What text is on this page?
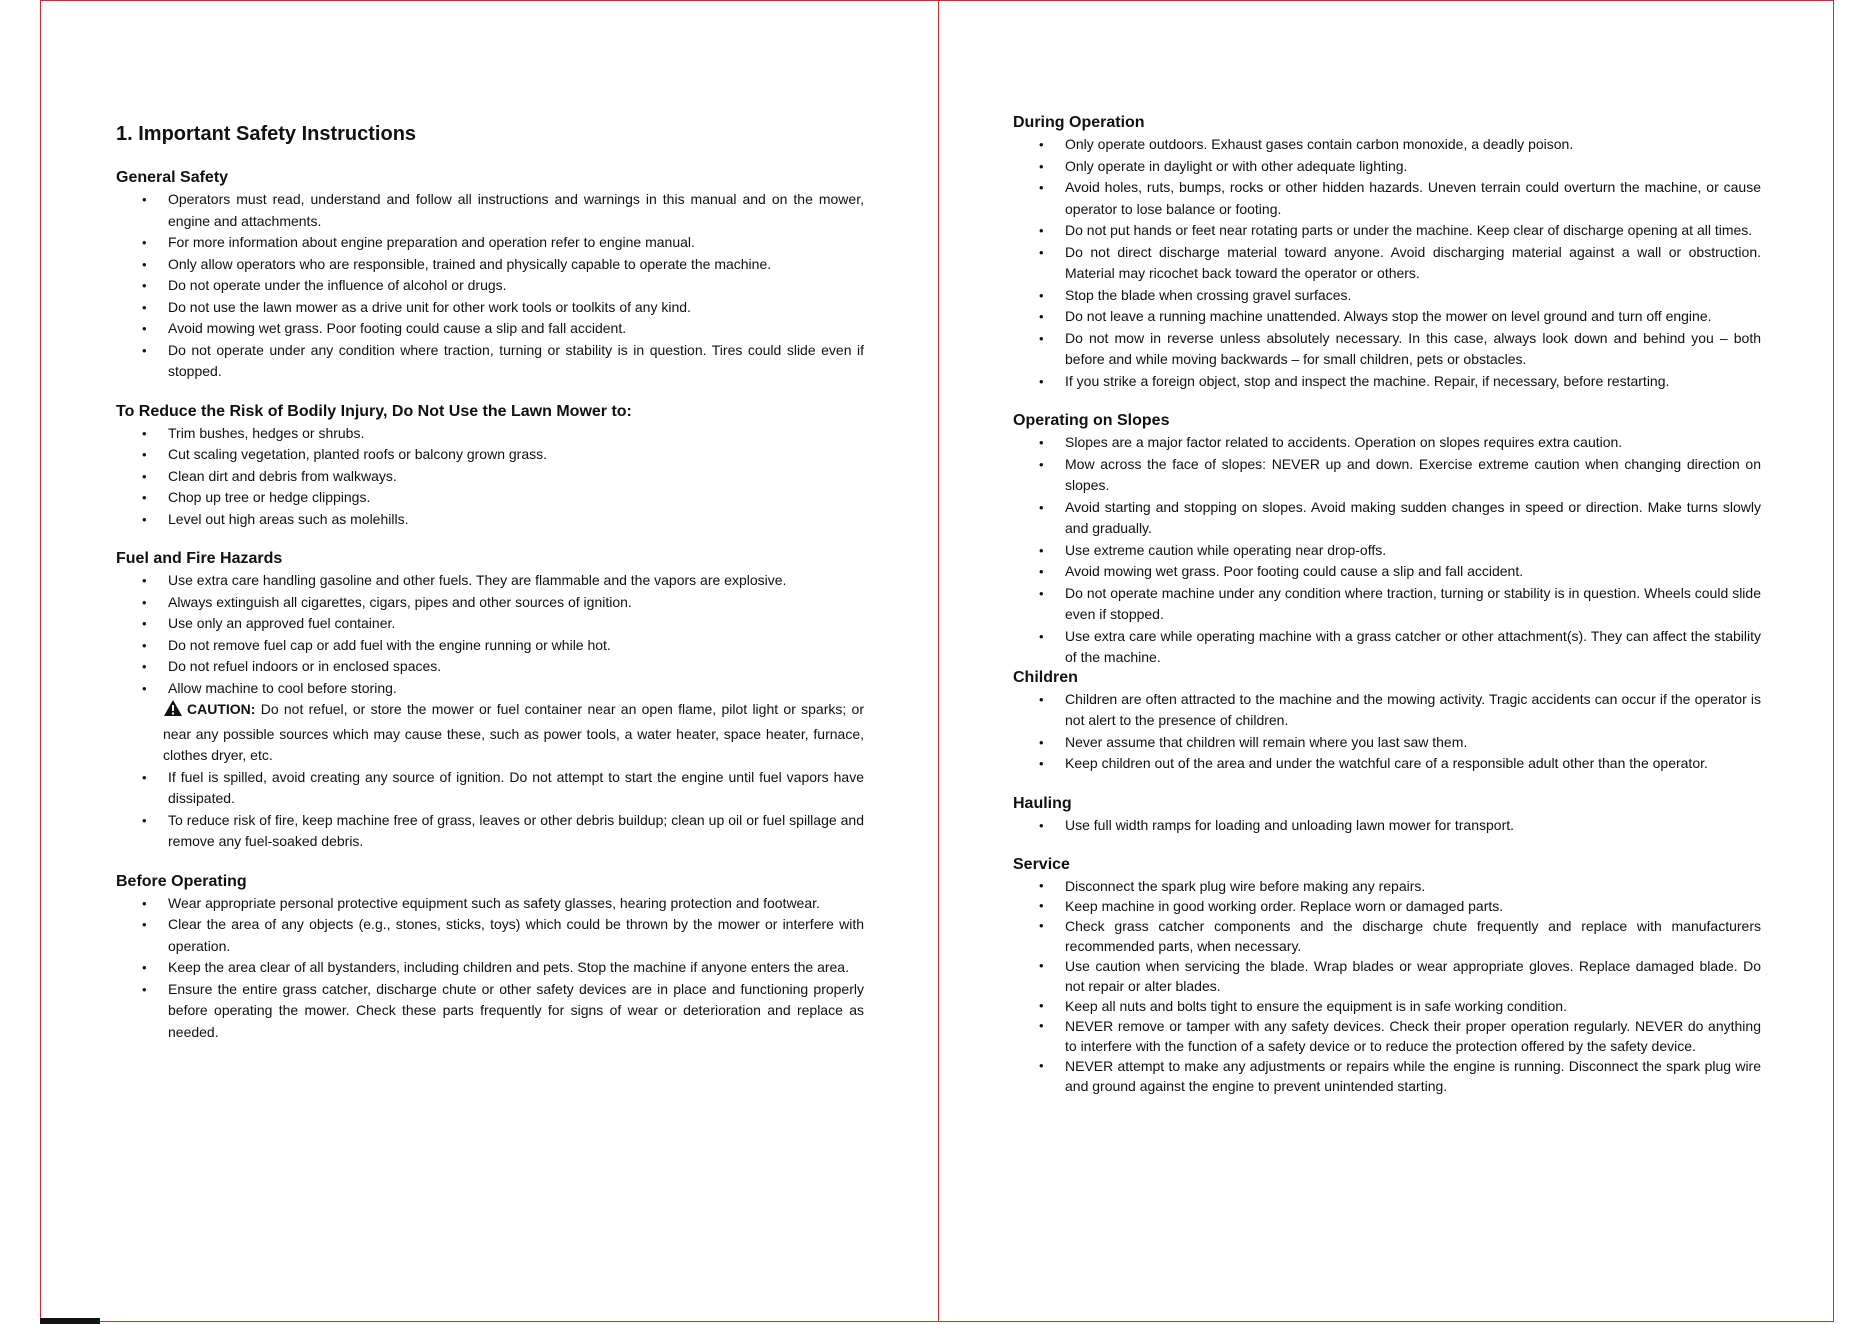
1. Important Safety Instructions
General Safety
• Operators must read, understand and follow all instructions and warnings in this manual and on the mower, engine and attachments.
• For more information about engine preparation and operation refer to engine manual.
• Only allow operators who are responsible, trained and physically capable to operate the machine.
• Do not operate under the influence of alcohol or drugs.
• Do not use the lawn mower as a drive unit for other work tools or toolkits of any kind.
• Avoid mowing wet grass. Poor footing could cause a slip and fall accident.
• Do not operate under any condition where traction, turning or stability is in question. Tires could slide even if stopped.
To Reduce the Risk of Bodily Injury, Do Not Use the Lawn Mower to:
• Trim bushes, hedges or shrubs.
• Cut scaling vegetation, planted roofs or balcony grown grass.
• Clean dirt and debris from walkways.
• Chop up tree or hedge clippings.
• Level out high areas such as molehills.
Fuel and Fire Hazards
• Use extra care handling gasoline and other fuels. They are flammable and the vapors are explosive.
• Always extinguish all cigarettes, cigars, pipes and other sources of ignition.
• Use only an approved fuel container.
• Do not remove fuel cap or add fuel with the engine running or while hot.
• Do not refuel indoors or in enclosed spaces.
• Allow machine to cool before storing.
CAUTION: Do not refuel, or store the mower or fuel container near an open flame, pilot light or sparks; or near any possible sources which may cause these, such as power tools, a water heater, space heater, furnace, clothes dryer, etc.
• If fuel is spilled, avoid creating any source of ignition. Do not attempt to start the engine until fuel vapors have dissipated.
• To reduce risk of fire, keep machine free of grass, leaves or other debris buildup; clean up oil or fuel spillage and remove any fuel-soaked debris.
Before Operating
• Wear appropriate personal protective equipment such as safety glasses, hearing protection and footwear.
• Clear the area of any objects (e.g., stones, sticks, toys) which could be thrown by the mower or interfere with operation.
• Keep the area clear of all bystanders, including children and pets. Stop the machine if anyone enters the area.
• Ensure the entire grass catcher, discharge chute or other safety devices are in place and functioning properly before operating the mower. Check these parts frequently for signs of wear or deterioration and replace as needed.
During Operation
• Only operate outdoors. Exhaust gases contain carbon monoxide, a deadly poison.
• Only operate in daylight or with other adequate lighting.
• Avoid holes, ruts, bumps, rocks or other hidden hazards. Uneven terrain could overturn the machine, or cause operator to lose balance or footing.
• Do not put hands or feet near rotating parts or under the machine. Keep clear of discharge opening at all times.
• Do not direct discharge material toward anyone. Avoid discharging material against a wall or obstruction. Material may ricochet back toward the operator or others.
• Stop the blade when crossing gravel surfaces.
• Do not leave a running machine unattended. Always stop the mower on level ground and turn off engine.
• Do not mow in reverse unless absolutely necessary. In this case, always look down and behind you – both before and while moving backwards – for small children, pets or obstacles.
• If you strike a foreign object, stop and inspect the machine. Repair, if necessary, before restarting.
Operating on Slopes
• Slopes are a major factor related to accidents. Operation on slopes requires extra caution.
• Mow across the face of slopes: NEVER up and down. Exercise extreme caution when changing direction on slopes.
• Avoid starting and stopping on slopes. Avoid making sudden changes in speed or direction. Make turns slowly and gradually.
• Use extreme caution while operating near drop-offs.
• Avoid mowing wet grass. Poor footing could cause a slip and fall accident.
• Do not operate machine under any condition where traction, turning or stability is in question. Wheels could slide even if stopped.
• Use extra care while operating machine with a grass catcher or other attachment(s). They can affect the stability of the machine.
Children
• Children are often attracted to the machine and the mowing activity. Tragic accidents can occur if the operator is not alert to the presence of children.
• Never assume that children will remain where you last saw them.
• Keep children out of the area and under the watchful care of a responsible adult other than the operator.
Hauling
• Use full width ramps for loading and unloading lawn mower for transport.
Service
• Disconnect the spark plug wire before making any repairs.
• Keep machine in good working order. Replace worn or damaged parts.
• Check grass catcher components and the discharge chute frequently and replace with manufacturers recommended parts, when necessary.
• Use caution when servicing the blade. Wrap blades or wear appropriate gloves. Replace damaged blade. Do not repair or alter blades.
• Keep all nuts and bolts tight to ensure the equipment is in safe working condition.
• NEVER remove or tamper with any safety devices. Check their proper operation regularly. NEVER do anything to interfere with the function of a safety device or to reduce the protection offered by the safety device.
• NEVER attempt to make any adjustments or repairs while the engine is running. Disconnect the spark plug wire and ground against the engine to prevent unintended starting.
